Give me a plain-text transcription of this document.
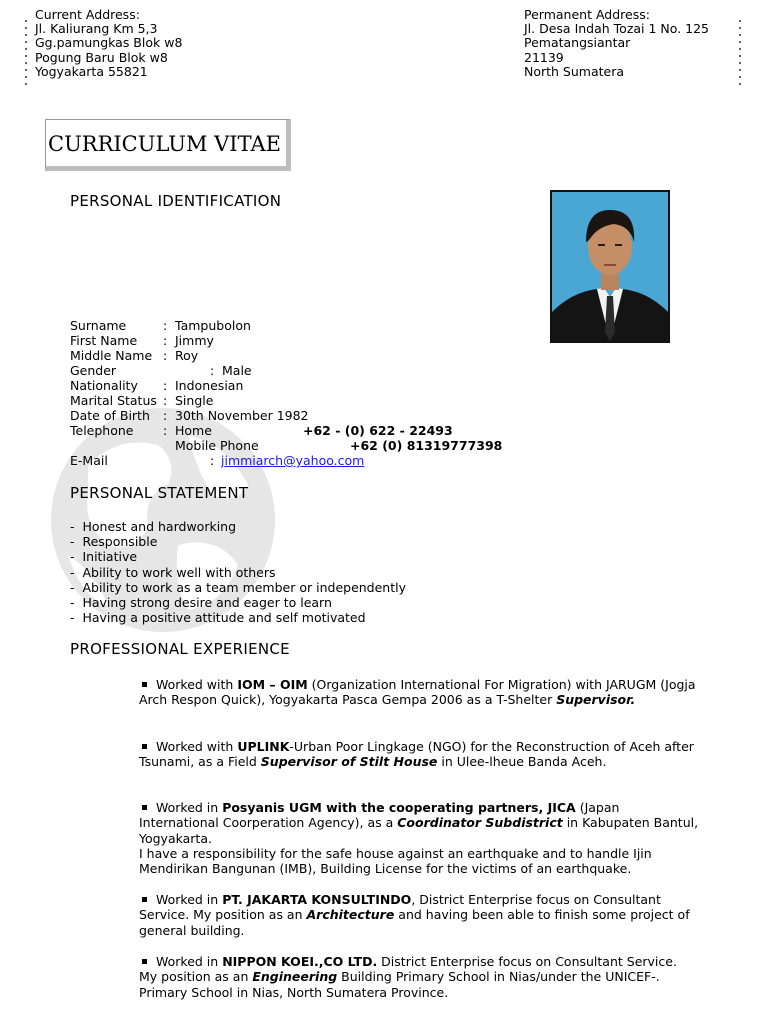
Current Address:
Jl. Kaliurang Km 5,3
Gg.pamungkas Blok w8
Pogung Baru Blok w8
Yogyakarta 55821
Permanent Address:
Jl. Desa Indah Tozai 1 No. 125
Pematangsiantar
21139
North Sumatera
CURRICULUM VITAE
PERSONAL IDENTIFICATION
Surname	: Tampubolon
First Name : Jimmy
Middle Name : Roy
Gender	: Male
Nationality : Indonesian
Marital Status : Single
Date of Birth : 30th November 1982
Telephone : Home	+62 - (0) 622 - 22493
Mobile Phone	+62 (0) 81319777398
E-Mail	: jimmiarch@yahoo.com
PERSONAL STATEMENT
-  Honest and hardworking
-  Responsible
-  Initiative
-  Ability to work well with others
-  Ability to work as a team member or independently
-  Having strong desire and eager to learn
-  Having a positive attitude and self motivated
PROFESSIONAL EXPERIENCE
Worked with IOM – OIM (Organization International For Migration) with JARUGM (Jogja Arch Respon Quick), Yogyakarta Pasca Gempa 2006 as a T-Shelter Supervisor.
Worked with UPLINK-Urban Poor Lingkage (NGO) for the Reconstruction of Aceh after Tsunami, as a Field Supervisor of Stilt House in Ulee-lheue Banda Aceh.
Worked in Posyanis UGM with the cooperating partners, JICA (Japan International Coorperation Agency), as a Coordinator Subdistrict in Kabupaten Bantul, Yogyakarta.
I have a responsibility for the safe house against an earthquake and to handle Ijin Mendirikan Bangunan (IMB), Building License for the victims of an earthquake.
Worked in PT. JAKARTA KONSULTINDO, District Enterprise focus on Consultant Service. My position as an Architecture and having been able to finish some project of general building.
Worked in NIPPON KOEI.,CO LTD. District Enterprise focus on Consultant Service. My position as an Engineering Building Primary School in Nias/under the UNICEF-. Primary School in Nias, North Sumatera Province.
